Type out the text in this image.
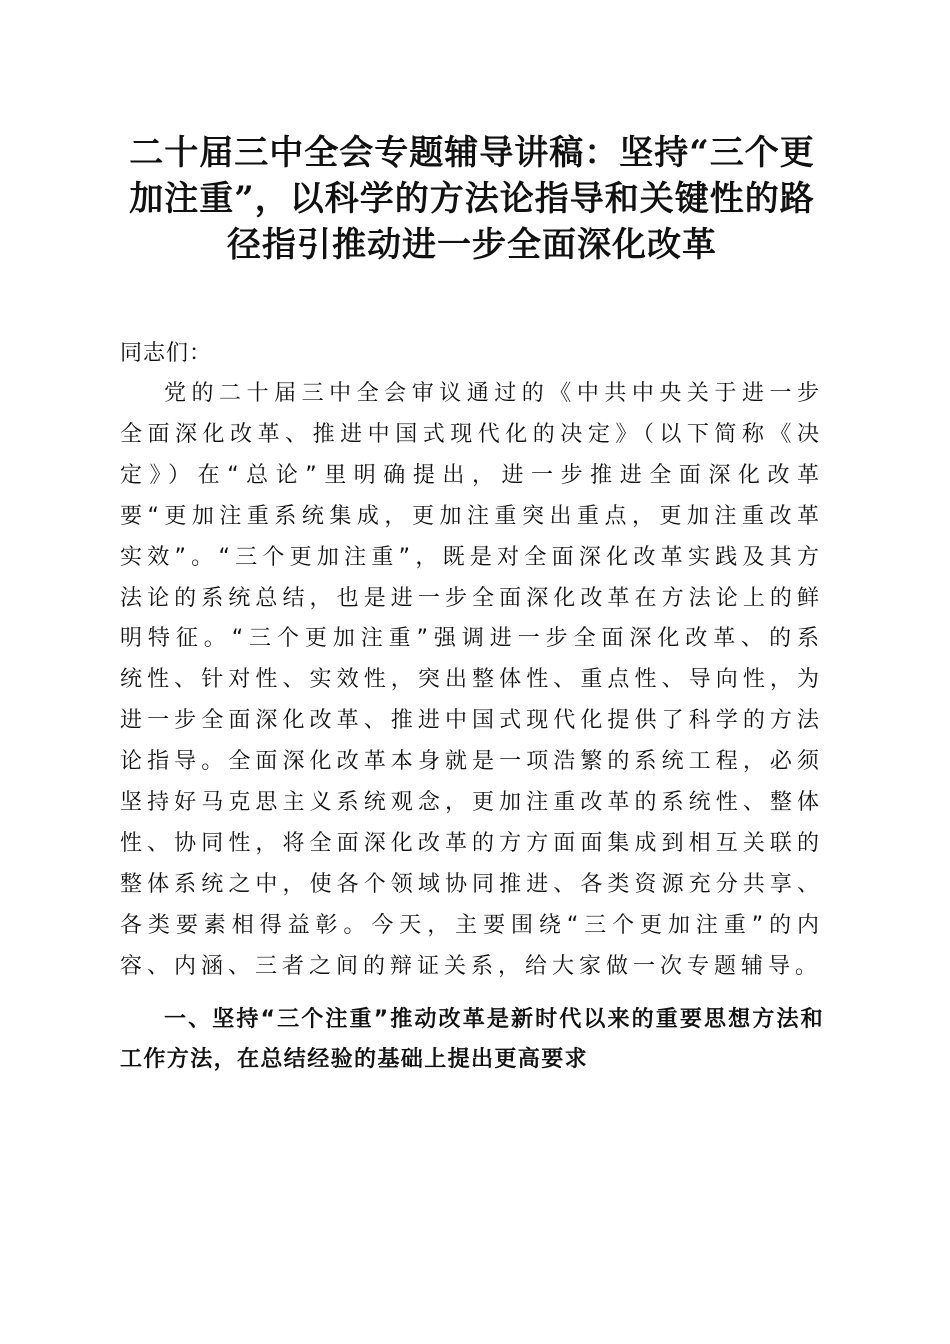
二十届三中全会专题辅导讲稿：坚持“三个更加注重”，以科学的方法论指导和关键性的路径指引推动进一步全面深化改革
同志们：

党的二十届三中全会审议通过的《中共中央关于进一步全面深化改革、推进中国式现代化的决定》（以下简称《决定》）在“总论”里明确提出，进一步推进全面深化改革要“更加注重系统集成，更加注重突出重点，更加注重改革实效”。“三个更加注重”，既是对全面深化改革实践及其方法论的系统总结，也是进一步全面深化改革在方法论上的鲜明特征。“三个更加注重”强调进一步全面深化改革、的系统性、针对性、实效性，突出整体性、重点性、导向性，为进一步全面深化改革、推进中国式现代化提供了科学的方法论指导。全面深化改革本身就是一项浩繁的系统工程，必须坚持好马克思主义系统观念，更加注重改革的系统性、整体性、协同性，将全面深化改革的方方面面集成到相互关联的整体系统之中，使各个领域协同推进、各类资源充分共享、各类要素相得益彰。今天，主要围绕“三个更加注重”的内容、内涵、三者之间的辩证关系，给大家做一次专题辅导。

一、坚持“三个注重”推动改革是新时代以来的重要思想方法和工作方法，在总结经验的基础上提出更高要求
